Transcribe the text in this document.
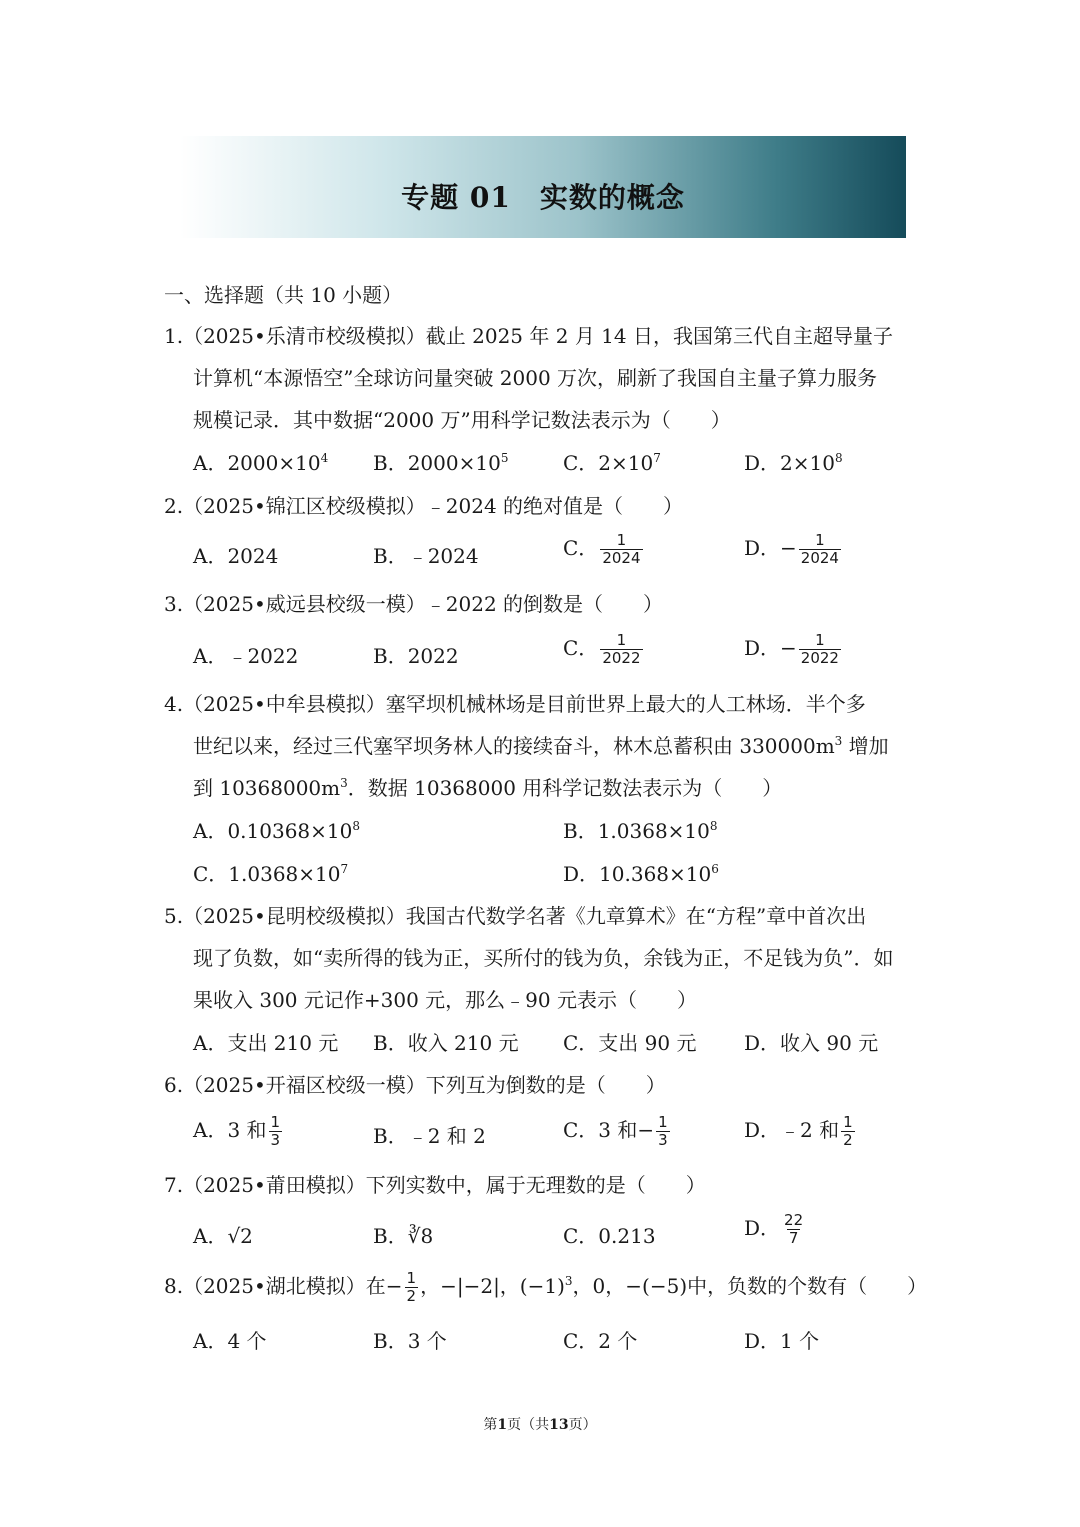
专题 01　实数的概念
一、选择题（共 10 小题）
1.（2025•乐清市校级模拟）截止 2025 年 2 月 14 日，我国第三代自主超导量子
计算机“本源悟空”全球访问量突破 2000 万次，刷新了我国自主量子算力服务
规模记录．其中数据“2000 万”用科学记数法表示为（　　）
A．$2000\times 10^4$ B．$2000\times 10^5$	C．$2\times 10^7$	D．$2\times 10^8$
2.（2025•锦江区校级模拟）﹣2024 的绝对值是（　　）
A．2024	B．﹣2024	C． $\frac{1}{2024}$	D．− $\frac{1}{2024}$
3.（2025•威远县校级一模）﹣2022 的倒数是（　　）
A．﹣2022	B．2022	C． $\frac{1}{2022}$	D．− $\frac{1}{2022}$
4.（2025•中牟县模拟）塞罕坝机械林场是目前世界上最大的人工林场．半个多
世纪以来，经过三代塞罕坝务林人的接续奋斗，林木总蓄积由 $330000m^3$ 增加
到 $10368000m^3$．数据 10368000 用科学记数法表示为（　　）
A．$0.10368\times 10^8$	B．$1.0368\times 10^8$
C．$1.0368\times 10^7$	D．$10.368\times 10^6$
5.（2025•昆明校级模拟）我国古代数学名著《九章算术》在“方程”章中首次出
现了负数，如“卖所得的钱为正，买所付的钱为负，余钱为正，不足钱为负”．如
果收入 300 元记作+300 元，那么﹣90 元表示（　　）
A．支出 210 元 B．收入 210 元 C．支出 90 元 D．收入 90 元
6.（2025•开福区校级一模）下列互为倒数的是（　　）
A．3 和 $\frac{1}{3}$	B．﹣2 和 2	C．3 和− $\frac{1}{3}$	D．﹣2 和 $\frac{1}{2}$
7.（2025•莆田模拟）下列实数中，属于无理数的是（　　）
A．√2	B．∛8	C．0.213	D． $\frac{22}{7}$
8.（2025•湖北模拟）在− $\frac{1}{2}$ ，−|−2|，$(-1)^3$，0，−(−5)中，负数的个数有（　　）
A．4 个	B．3 个	C．2 个	D．1 个
第1页（共13页）
